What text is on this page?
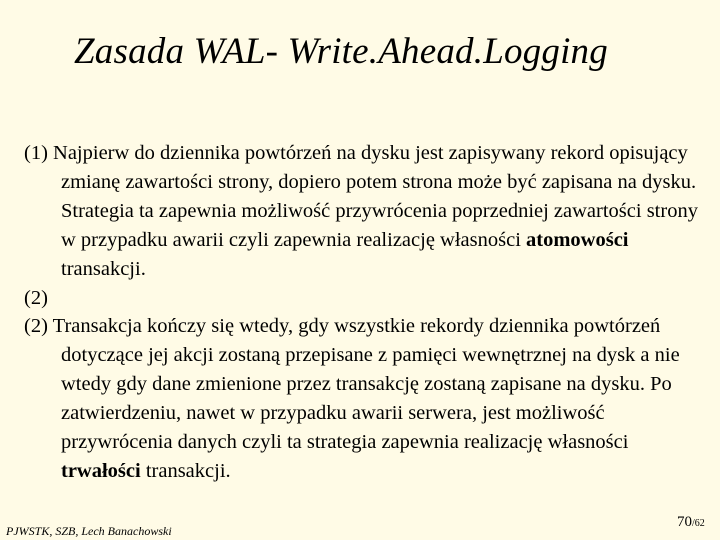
Zasada WAL- Write.Ahead.Logging

(1) Najpierw do dziennika powtórzeń na dysku jest zapisywany rekord opisujący zmianę zawartości strony, dopiero potem strona może być zapisana na dysku. Strategia ta zapewnia możliwość przywrócenia poprzedniej zawartości strony w przypadku awarii czyli zapewnia realizację własności atomowości transakcji.

(2)

(2) Transakcja kończy się wtedy, gdy wszystkie rekordy dziennika powtórzeń dotyczące jej akcji zostaną przepisane z pamięci wewnętrznej na dysk a nie wtedy gdy dane zmienione przez transakcję zostaną zapisane na dysku. Po zatwierdzeniu, nawet w przypadku awarii serwera, jest możliwość przywrócenia danych czyli ta strategia zapewnia realizację własności trwałości transakcji.

PJWSTK, SZB, Lech Banachowski
70/62
